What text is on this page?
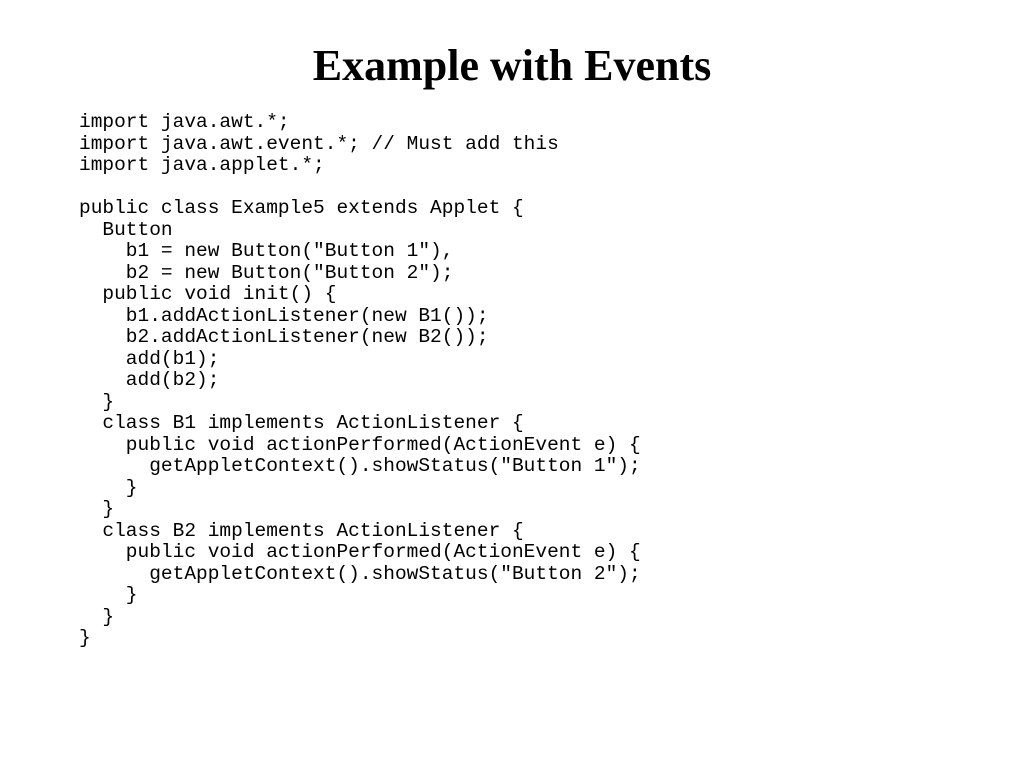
Example with Events
import java.awt.*;
import java.awt.event.*; // Must add this
import java.applet.*;
public class Example5 extends Applet {
Button
b1 = new Button("Button 1"),
b2 = new Button("Button 2");
public void init() {
b1.addActionListener(new B1());
b2.addActionListener(new B2());
add(b1);
add(b2);
}
class B1 implements ActionListener {
public void actionPerformed(ActionEvent e) {
getAppletContext().showStatus("Button 1");
}
}
class B2 implements ActionListener {
public void actionPerformed(ActionEvent e) {
getAppletContext().showStatus("Button 2");
}
}
}
